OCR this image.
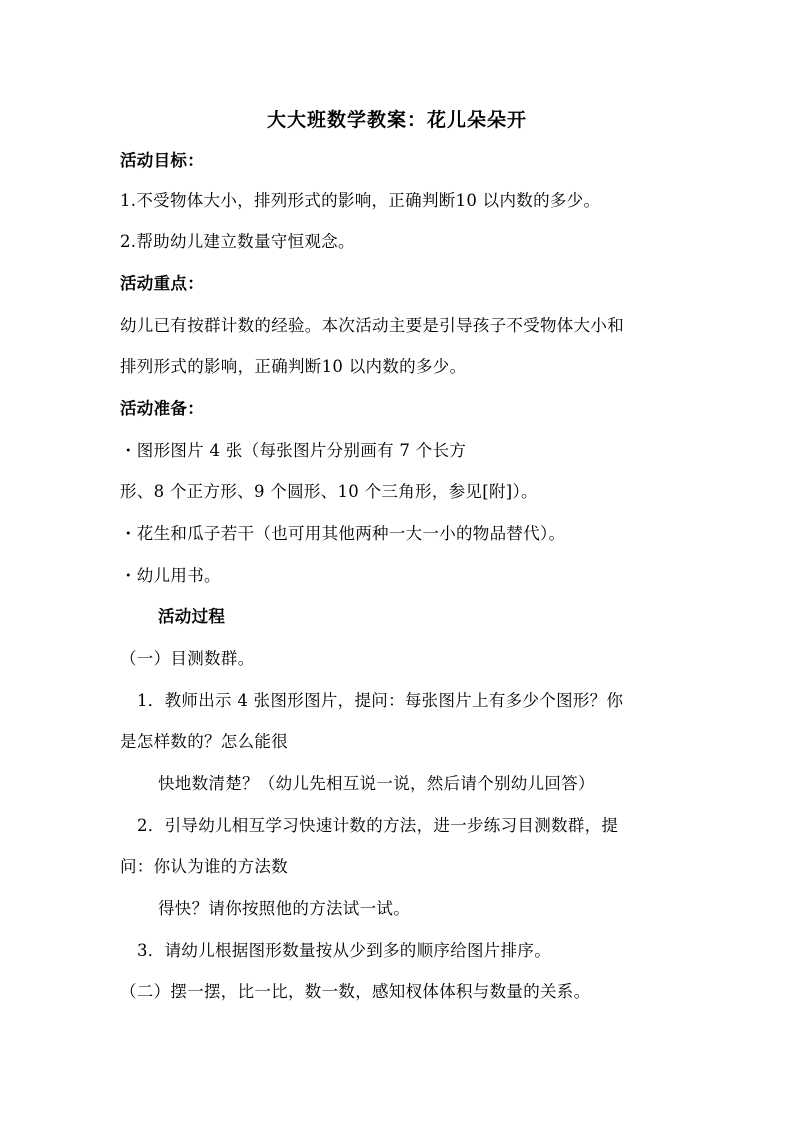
大大班数学教案：花儿朵朵开
活动目标：
1.不受物体大小，排列形式的影响，正确判断10 以内数的多少。
2.帮助幼儿建立数量守恒观念。
活动重点：
幼儿已有按群计数的经验。本次活动主要是引导孩子不受物体大小和
排列形式的影响，正确判断10 以内数的多少。
活动准备：
・图形图片 4 张（每张图片分别画有 7 个长方
形、8 个正方形、9 个圆形、10 个三角形，参见[附]）。
・花生和瓜子若干（也可用其他两种一大一小的物品替代）。
・幼儿用书。
活动过程
（一）目测数群。
1．教师出示 4 张图形图片，提问：每张图片上有多少个图形？你
是怎样数的？怎么能很
快地数清楚？（幼儿先相互说一说，然后请个别幼儿回答）
2．引导幼儿相互学习快速计数的方法，进一步练习目测数群，提
问：你认为谁的方法数
得快？请你按照他的方法试一试。
3．请幼儿根据图形数量按从少到多的顺序给图片排序。
（二）摆一摆，比一比，数一数，感知杈体体积与数量的关系。
